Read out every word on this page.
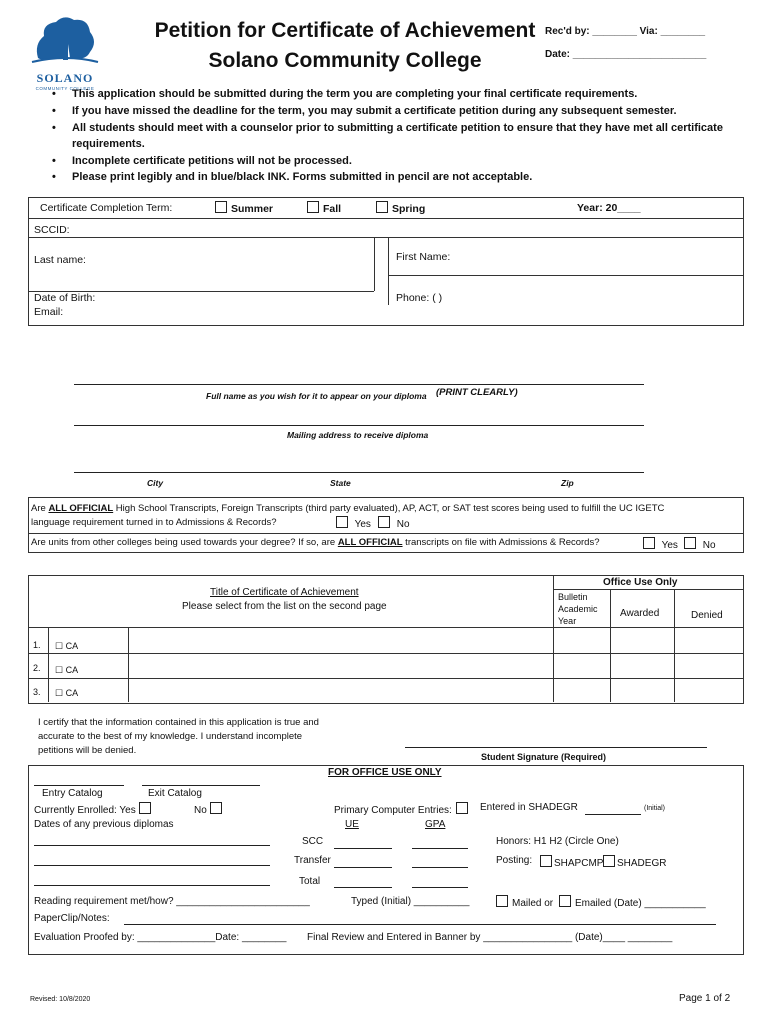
SOLANO
COMMUNITY COLLEGE
Petition for Certificate of Achievement
Solano Community College
Rec'd by: ________ Via: ________
Date: ________________________
• This application should be submitted during the term you are completing your final certificate requirements.
• If you have missed the deadline for the term, you may submit a certificate petition during any subsequent semester.
• All students should meet with a counselor prior to submitting a certificate petition to ensure that they have met all certificate
requirements.
• Incomplete certificate petitions will not be processed.
• Please print legibly and in blue/black INK. Forms submitted in pencil are not acceptable.
Certificate Completion Term:	Summer	Fall	Spring	Year: 20____
SCCID:
Last name:	First Name:
Date of Birth:	Phone: ( )
Email:
Full name as you wish for it to appear on your diploma (PRINT CLEARLY)
Mailing address to receive diploma
City	State	Zip
Are ALL OFFICIAL High School Transcripts, Foreign Transcripts (third party evaluated), AP, ACT, or SAT test scores being used to fulfill the UC IGETC
language requirement turned in to Admissions & Records?	Yes	No
Are units from other colleges being used towards your degree? If so, are ALL OFFICIAL transcripts on file with Admissions & Records?	Yes	No
Office Use Only
Title of Certificate of Achievement
Please select from the list on the second page
Bulletin Academic Year
Awarded	Denied
1. ☐ CA
2. ☐ CA
3. ☐ CA
I certify that the information contained in this application is true and
accurate to the best of my knowledge. I understand incomplete
petitions will be denied.
Student Signature (Required)
FOR OFFICE USE ONLY
Entry Catalog	Exit Catalog
Currently Enrolled: Yes	No
Dates of any previous diplomas
Primary Computer Entries:	Entered in SHADEGR	(Initial)
UE	GPA
SCC
Transfer
Total
Honors: H1 H2 (Circle One)
Posting:	SHAPCMP	SHADEGR
Reading requirement met/how? ________________________	Typed (Initial) __________	Mailed or	Emailed (Date) ___________
PaperClip/Notes:
Evaluation Proofed by: ______________Date: ________ Final Review and Entered in Banner by ________________ (Date)____ ________
Revised: 10/8/2020	Page 1 of 2
